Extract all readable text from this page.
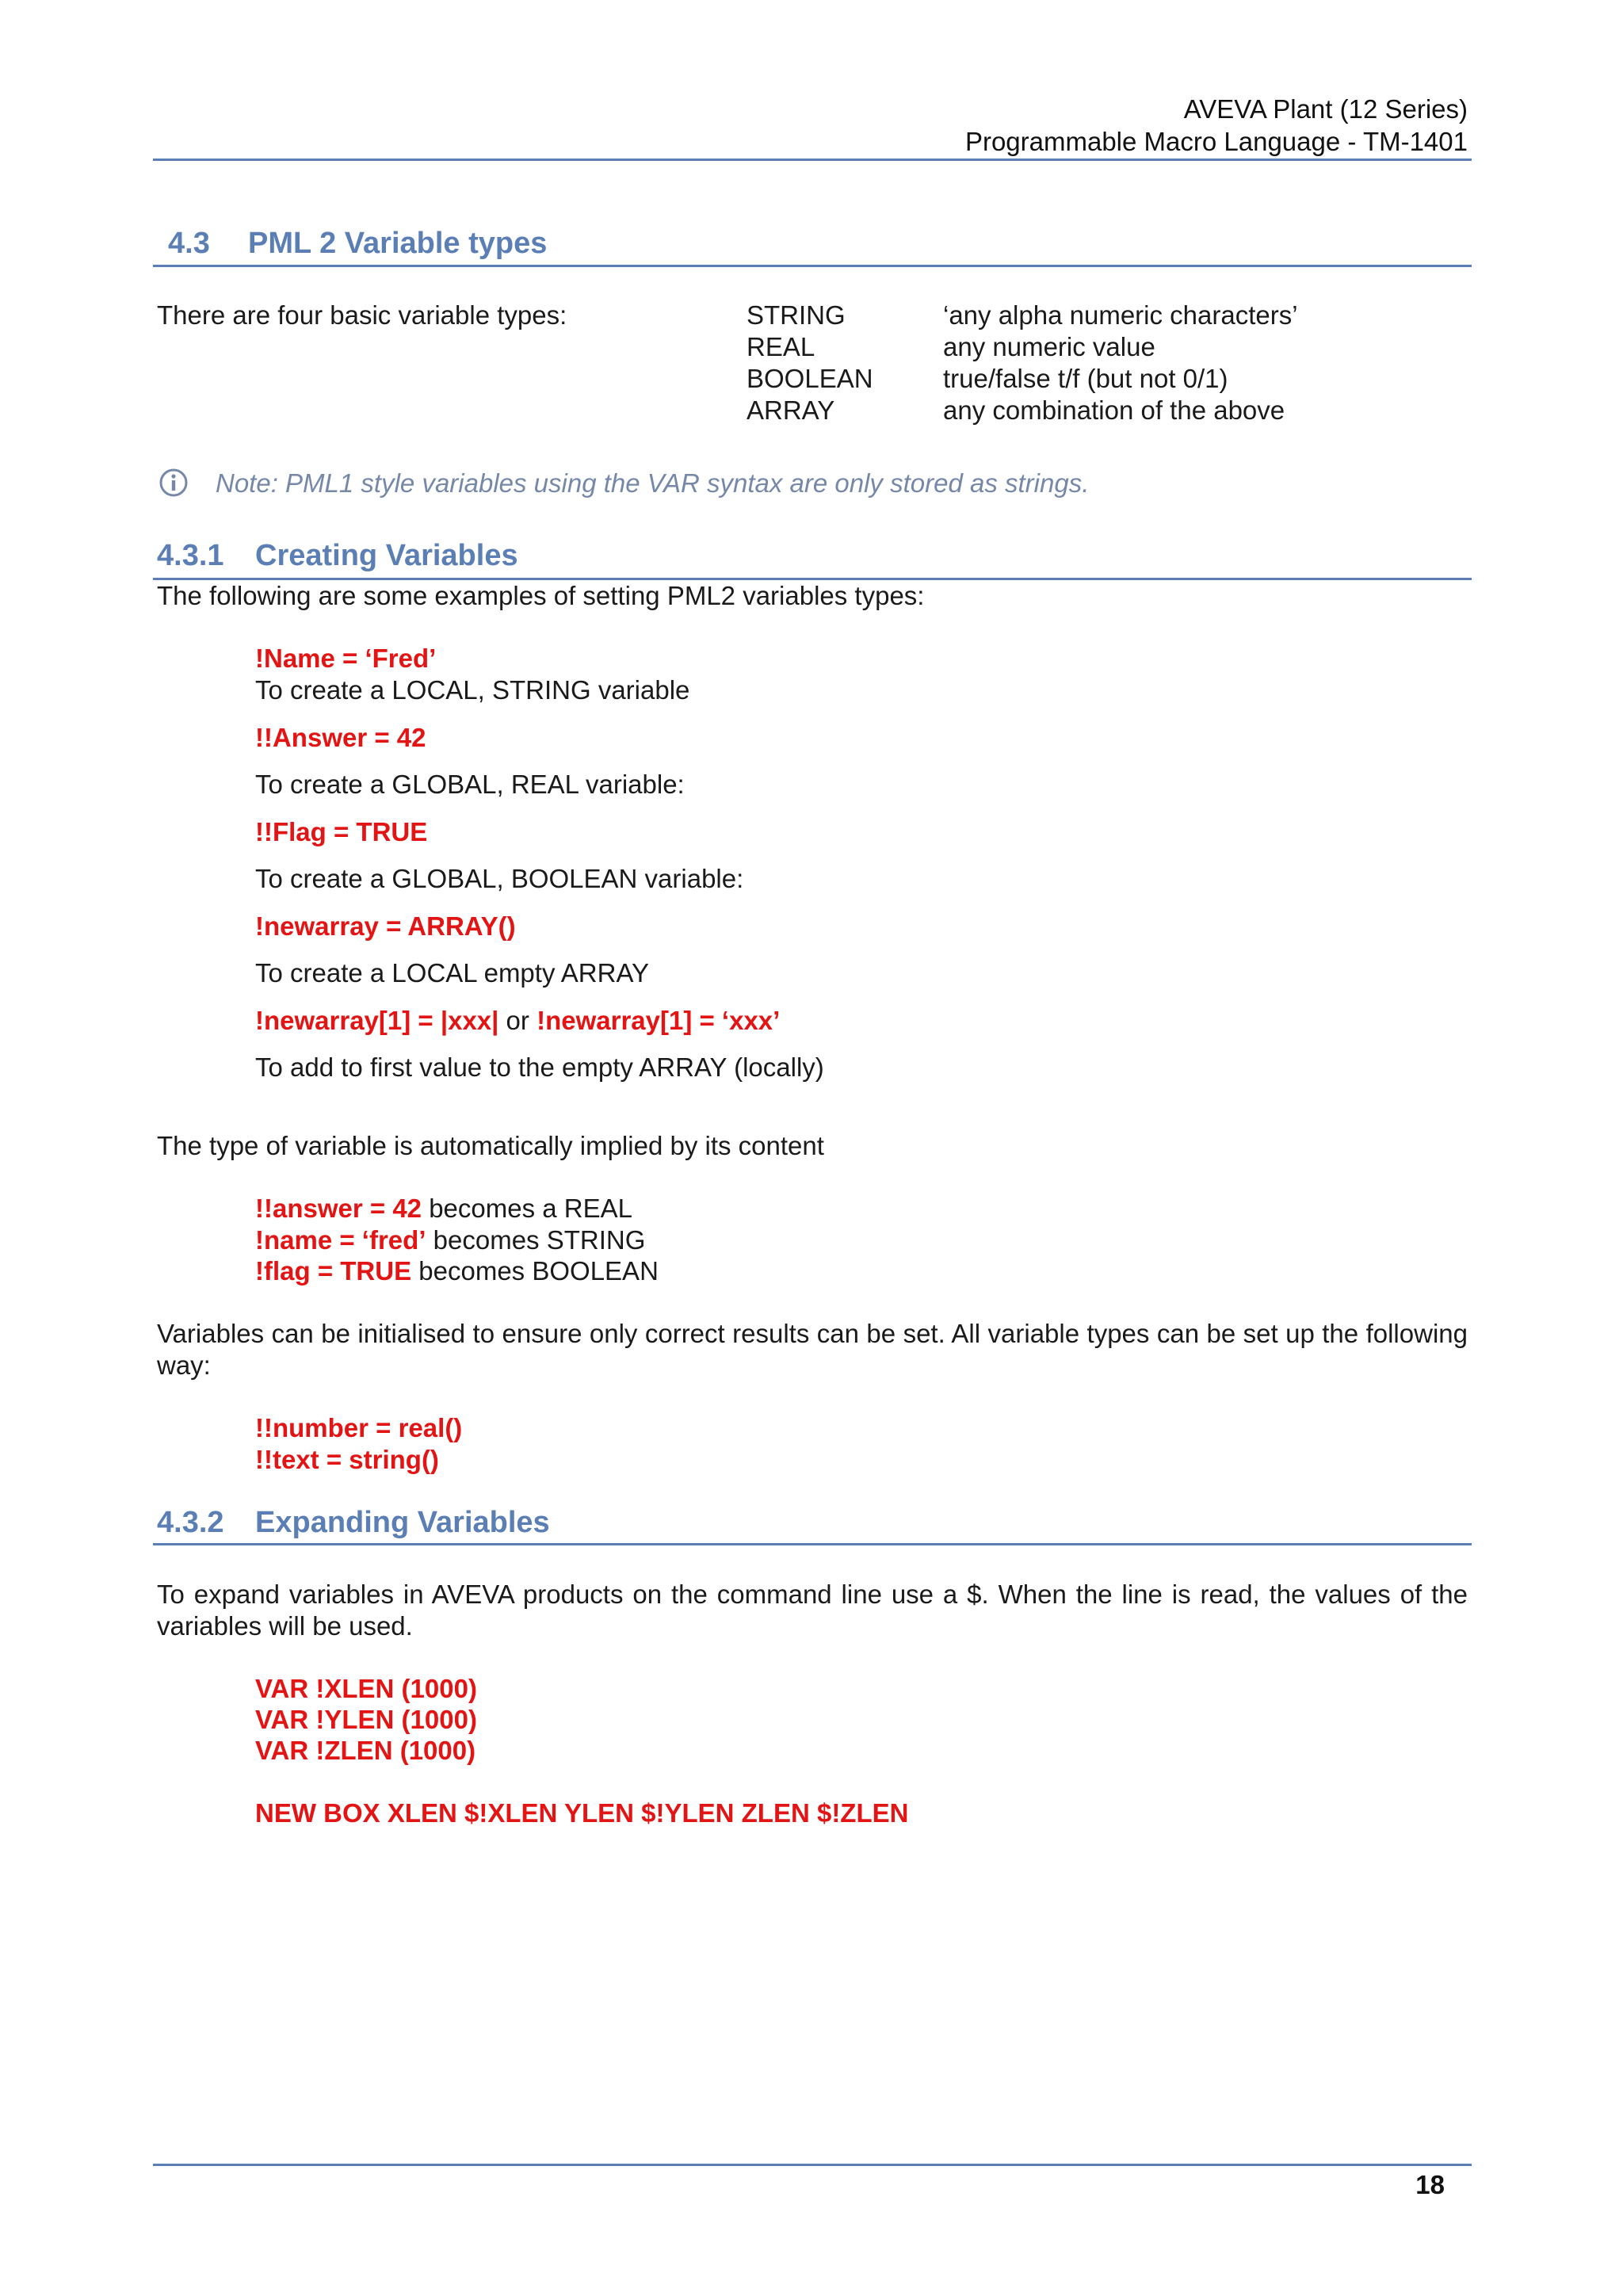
AVEVA Plant (12 Series)
Programmable Macro Language - TM-1401
4.3 PML 2 Variable types
There are four basic variable types:	STRING
REAL
BOOLEAN
ARRAY
‘any alpha numeric characters’
any numeric value
true/false t/f (but not 0/1)
any combination of the above
Note: PML1 style variables using the VAR syntax are only stored as strings.
4.3.1 Creating Variables
The following are some examples of setting PML2 variables types:
!Name = ‘Fred’
To create a LOCAL, STRING variable
!!Answer = 42
To create a GLOBAL, REAL variable:
!!Flag = TRUE
To create a GLOBAL, BOOLEAN variable:
!newarray = ARRAY()
To create a LOCAL empty ARRAY
!newarray[1] = |xxx| or !newarray[1] = ‘xxx’
To add to first value to the empty ARRAY (locally)
The type of variable is automatically implied by its content
!!answer = 42 becomes a REAL
!name = ‘fred’ becomes STRING
!flag = TRUE becomes BOOLEAN
Variables can be initialised to ensure only correct results can be set. All variable types can be set up the following way:
!!number = real()
!!text = string()
4.3.2 Expanding Variables
To expand variables in AVEVA products on the command line use a $. When the line is read, the values of the variables will be used.
VAR !XLEN (1000)
VAR !YLEN (1000)
VAR !ZLEN (1000)
NEW BOX XLEN $!XLEN YLEN $!YLEN ZLEN $!ZLEN
18
